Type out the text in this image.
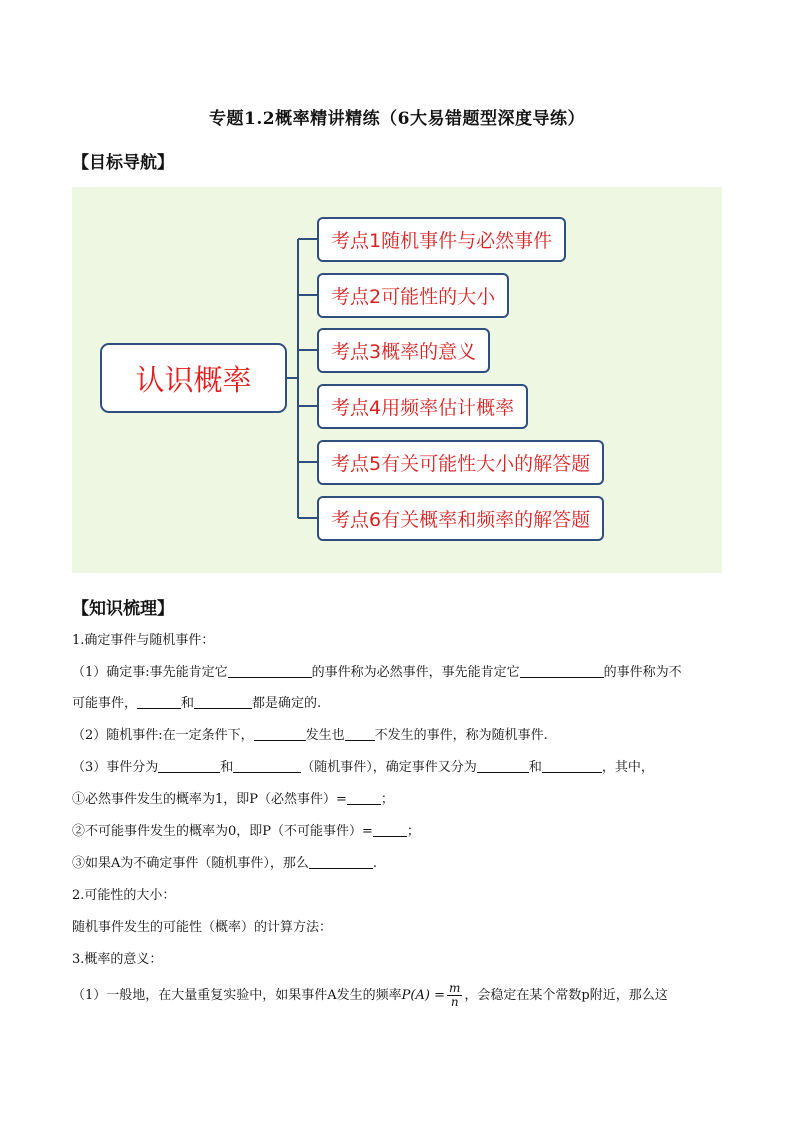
专题1.2概率精讲精练（6大易错题型深度导练）
【目标导航】
认识概率
考点1随机事件与必然事件
考点2可能性的大小
考点3概率的意义
考点4用频率估计概率
考点5有关可能性大小的解答题
考点6有关概率和频率的解答题
【知识梳理】
1.确定事件与随机事件：
（1）确定事:事先能肯定它	的事件称为必然事件，事先能肯定它	的事件称为不
可能事件，	和	都是确定的.
（2）随机事件:在一定条件下，	发生也 不发生的事件，称为随机事件.
（3）事件分为	和	（随机事件），确定事件又分为	和	，其中，
①必然事件发生的概率为1，即P（必然事件）=	；
②不可能事件发生的概率为0，即P（不可能事件）=	；
③如果A为不确定事件（随机事件），那么	.
2.可能性的大小：
随机事件发生的可能性（概率）的计算方法：
3.概率的意义：
（1）一般地，在大量重复实验中，如果事件A发生的频率$P(A) = \frac{m}{n}$ ，会稳定在某个常数p附近，那么这
